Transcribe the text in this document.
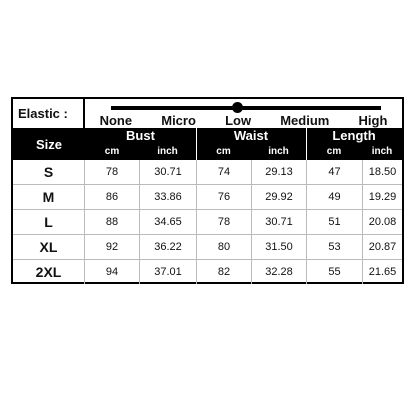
Elastic :	None Micro Low Medium High
Size
Bust	Waist	Length
cm	inch	cm	inch	cm	inch
S	78	30.71	74	29.13	47	18.50
M	86	33.86	76	29.92	49	19.29
L	88	34.65	78	30.71	51	20.08
XL	92	36.22	80	31.50	53	20.87
2XL	94	37.01	82	32.28	55	21.65
